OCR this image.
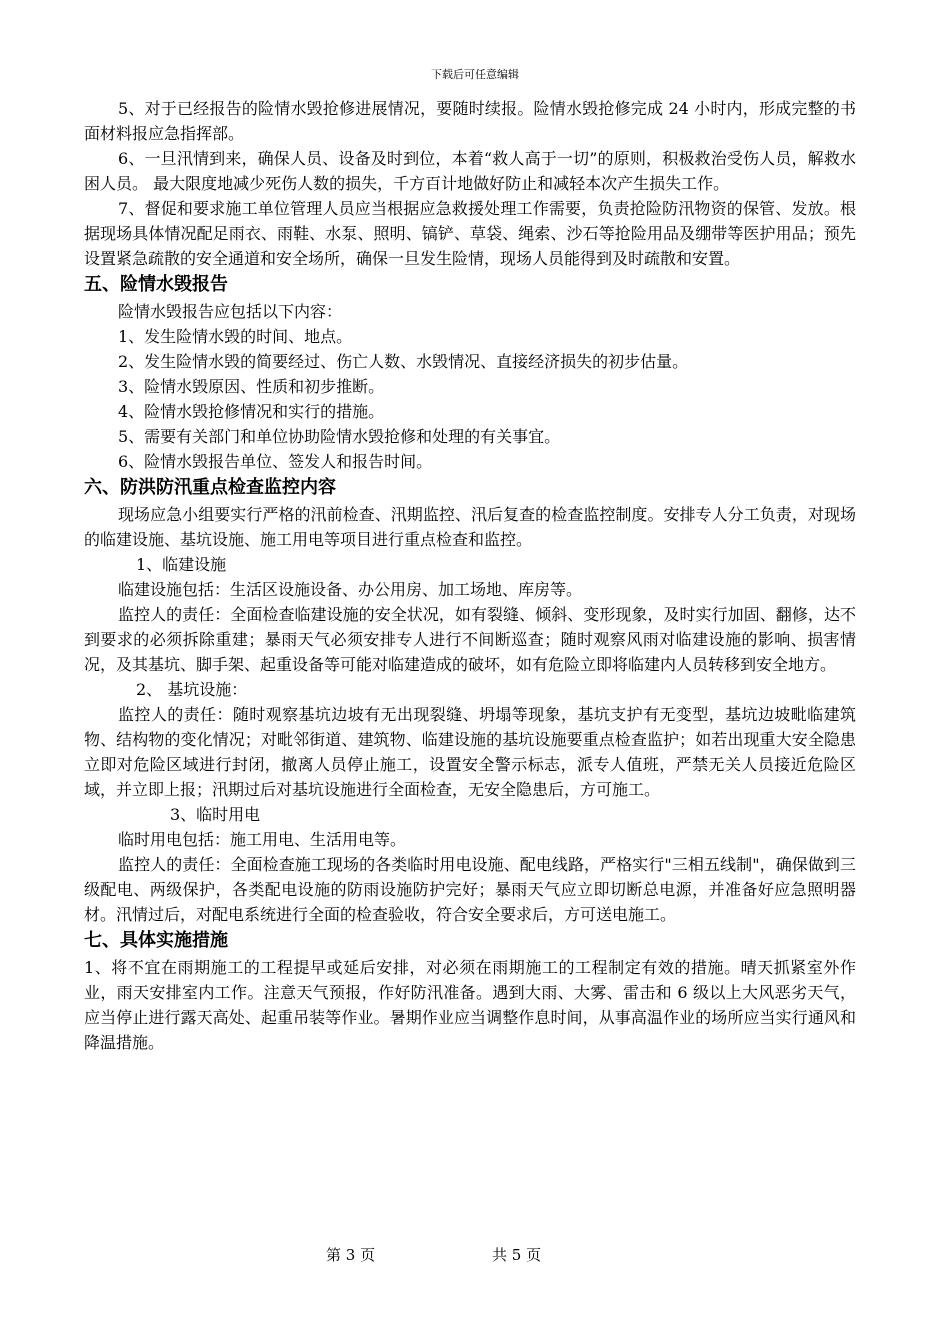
下载后可任意编辑

5、对于已经报告的险情水毁抢修进展情况，要随时续报。险情水毁抢修完成 24 小时内，形成完整的书面材料报应急指挥部。

6、一旦汛情到来，确保人员、设备及时到位，本着“救人高于一切”的原则，积极救治受伤人员，解救水困人员。 最大限度地减少死伤人数的损失，千方百计地做好防止和减轻本次产生损失工作。

7、督促和要求施工单位管理人员应当根据应急救援处理工作需要，负责抢险防汛物资的保管、发放。根据现场具体情况配足雨衣、雨鞋、水泵、照明、镐铲、草袋、绳索、沙石等抢险用品及绷带等医护用品；预先设置紧急疏散的安全通道和安全场所，确保一旦发生险情，现场人员能得到及时疏散和安置。

五、险情水毁报告

险情水毁报告应包括以下内容：

1、发生险情水毁的时间、地点。

2、发生险情水毁的简要经过、伤亡人数、水毁情况、直接经济损失的初步估量。

3、险情水毁原因、性质和初步推断。

4、险情水毁抢修情况和实行的措施。

5、需要有关部门和单位协助险情水毁抢修和处理的有关事宜。

6、险情水毁报告单位、签发人和报告时间。

六、防洪防汛重点检查监控内容

现场应急小组要实行严格的汛前检查、汛期监控、汛后复查的检查监控制度。安排专人分工负责，对现场的临建设施、基坑设施、施工用电等项目进行重点检查和监控。

1、临建设施

临建设施包括：生活区设施设备、办公用房、加工场地、库房等。

监控人的责任：全面检查临建设施的安全状况，如有裂缝、倾斜、变形现象，及时实行加固、翻修，达不到要求的必须拆除重建；暴雨天气必须安排专人进行不间断巡查；随时观察风雨对临建设施的影响、损害情况，及其基坑、脚手架、起重设备等可能对临建造成的破坏，如有危险立即将临建内人员转移到安全地方。

2、 基坑设施：

监控人的责任：随时观察基坑边坡有无出现裂缝、坍塌等现象，基坑支护有无变型，基坑边坡毗临建筑物、结构物的变化情况；对毗邻街道、建筑物、临建设施的基坑设施要重点检查监护；如若出现重大安全隐患立即对危险区域进行封闭，撤离人员停止施工，设置安全警示标志，派专人值班，严禁无关人员接近危险区域，并立即上报；汛期过后对基坑设施进行全面检查，无安全隐患后，方可施工。

3、临时用电

临时用电包括：施工用电、生活用电等。

监控人的责任：全面检查施工现场的各类临时用电设施、配电线路，严格实行"三相五线制"，确保做到三级配电、两级保护，各类配电设施的防雨设施防护完好；暴雨天气应立即切断总电源，并准备好应急照明器材。汛情过后，对配电系统进行全面的检查验收，符合安全要求后，方可送电施工。

七、具体实施措施

1、将不宜在雨期施工的工程提早或延后安排，对必须在雨期施工的工程制定有效的措施。晴天抓紧室外作业，雨天安排室内工作。注意天气预报，作好防汛准备。遇到大雨、大雾、雷击和 6 级以上大风恶劣天气，应当停止进行露天高处、起重吊装等作业。暑期作业应当调整作息时间，从事高温作业的场所应当实行通风和降温措施。

第 3 页	共 5 页
